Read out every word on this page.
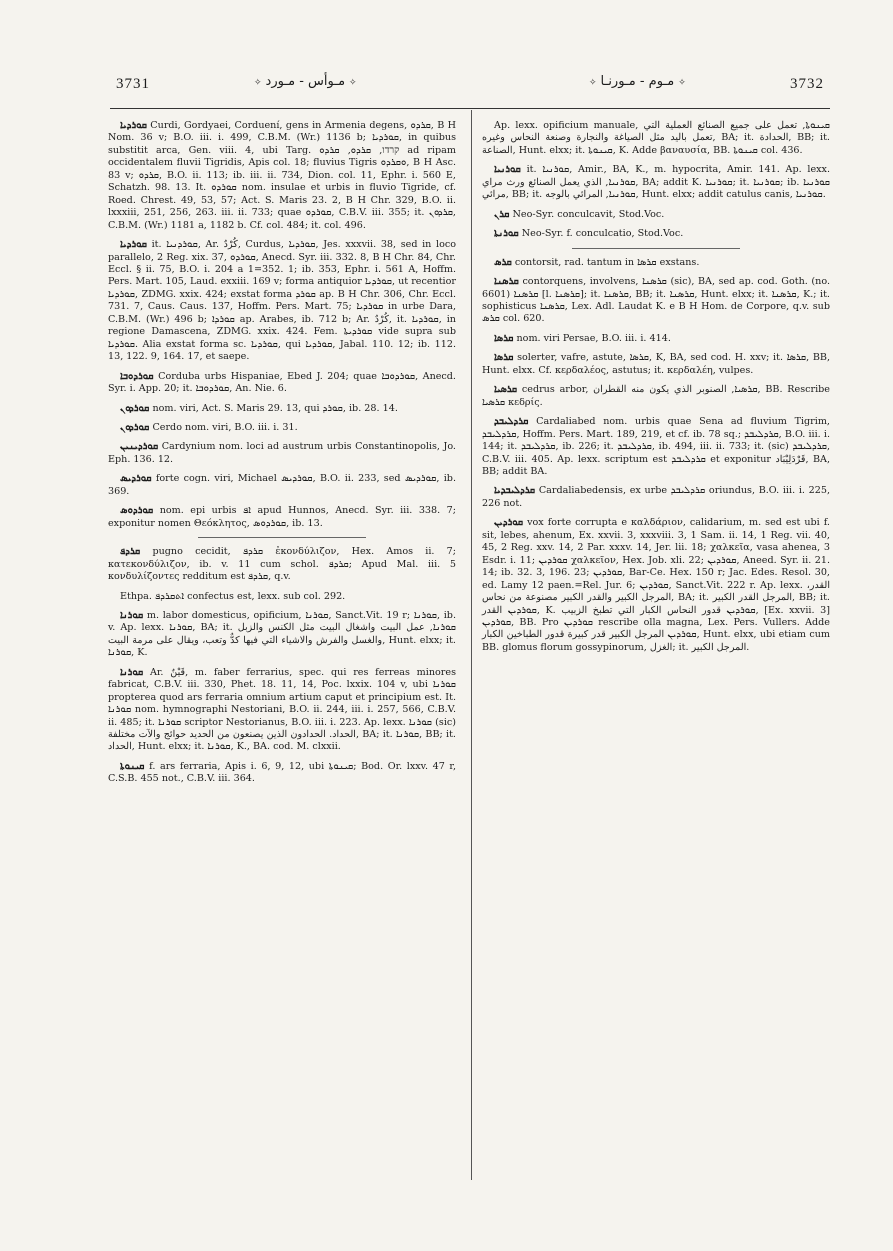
3731	✧مـوأس - مـورد✧	✧مـوم - مـورنـا✧	3732

ܩܘܪܕܝܐ Curdi, Gordyaei, Corduení, gens in Armenia degens, ܩܪܕܘ, B H Nom. 36 v; B.O. iii. i. 499, C.B.M. (Wr.) 1136 b; ܩܘܪܕܝܐ, in quibus substitit arca, Gen. viii. 4, ubi Targ. קרדו, ܩܪܕܘ, ܩܪܕܘ ad ripam occidentalem fluvii Tigridis, Apis col. 18; fluvius Tigris ܘܩܪܕܘ, B H Asc. 83 v; ܩܪܕܘ, B.O. ii. 113; ib. iii. ii. 734, Dion. col. 11, Ephr. i. 560 E, Schatzh. 98. 13. It. ܩܘܪܕܘ nom. insulae et urbis in fluvio Tigride, cf. Roed. Chrest. 49, 53, 57; Act. S. Maris 23. 2, B H Chr. 329, B.O. ii. lxxxiii, 251, 256, 263. iii. ii. 733; quae ܩܘܪܕܘ, C.B.V. iii. 355; it. ܩܪܕܘܢ, C.B.M. (Wr.) 1181 a, 1182 b. Cf. col. 484; it. col. 496.

ܩܘܪܕܝܐ it. ܩܘܪܕܢܝܐ, Ar. كُرْدٌ, Curdus, ܩܘܪܕܝܐ, Jes. xxxvii. 38, sed in loco parallelo, 2 Reg. xix. 37, ܩܘܪܕܘ, Anecd. Syr. iii. 332. 8, B H Chr. 84, Chr. Eccl. § ii. 75, B.O. i. 204 a 1=352. 1; ib. 353, Ephr. i. 561 A, Hoffm. Pers. Mart. 105, Laud. exxiii. 169 v; forma antiquior ܩܘܪܕܝܐ, ut recentior ܩܘܪܕܝܐ, ZDMG. xxix. 424; exstat forma ܩܘܪܕ ap. B H Chr. 306, Chr. Eccl. 731. 7, Caus. Caus. 137, Hoffm. Pers. Mart. 75; ܩܘܪܕܝܐ in urbe Dara, C.B.M. (Wr.) 496 b; ܩܘܪܕܐ ap. Arabes, ib. 712 b; Ar. كُرْدٌ, it. ܩܘܪܕܝܐ, in regione Damascena, ZDMG. xxix. 424. Fem. ܩܘܪܕܝܬܐ vide supra sub ܩܘܪܕܝܐ. Alia exstat forma sc. ܩܘܪܕܝܐ, qui ܩܘܪܕܝܐ, Jabal. 110. 12; ib. 112. 13, 122. 9, 164. 17, et saepe.

ܩܘܪܕܘܒܐ Corduba urbs Hispaniae, Ebed J. 204; quae ܩܘܪܕܘܒܐ, Anecd. Syr. i. App. 20; it. ܩܘܪܕܘܒܐ, An. Nie. 6.

ܩܘܪܕܘܢ nom. viri, Act. S. Maris 29. 13, qui ܩܘܪܕ, ib. 28. 14.

ܩܘܪܕܘܢ Cerdo nom. viri, B.O. iii. i. 31.

ܩܘܪܕܝܢܝܢ Cardynium nom. loci ad austrum urbis Constantinopolis, Jo. Eph. 136. 12.

ܩܘܪܕܝܣ forte cogn. viri, Michael ܩܘܪܕܝܣ, B.O. ii. 233, sed ܩܘܪܕܝܣ, ib. 369.

ܩܘܪܕܘܣ nom. epi urbis ܐܦ apud Hunnos, Anecd. Syr. iii. 338. 7; exponitur nomen Θεόκλητος, ܩܘܪܕܘܣ, ib. 13.

ܩܪܕܦ pugno cecidit, ܩܪܕܦ ἐκονδύλιζον, Hex. Amos ii. 7; κατεκονδύλιζον, ib. v. 11 cum schol. ܩܪܕܦ; Apud Mal. iii. 5 κονδυλίζοντες redditum est ܩܪܕܦ, q.v.

Ethpa. ܐܬܩܪܕܦ confectus est, lexx. sub col. 292.

ܩܘܪܢܐ m. labor domesticus, opificium, ܩܘܪܢܐ, Sanct.Vit. 19 r; ܩܘܪܢܐ, ib. v. Ap. lexx. ܩܘܪܢܐ, BA; it. ܩܘܪܢܐ, عمل البيت واشغال البيت مثل الكنس والزبل والغسل والفرش والاشياء التي فيها كدٌّ وتعب، ويقال على مرمة البيت, Hunt. elxx; it. ܩܘܪܢܐ, K.

ܩܘܪܢܐ Ar. قَيْنٌ, m. faber ferrarius, spec. qui res ferreas minores fabricat, C.B.V. iii. 330, Phet. 18. 11, 14, Poc. lxxix. 104 v, ubi ܩܘܪܢܐ propterea quod ars ferraria omnium artium caput et principium est. It. ܩܘܪܢܐ nom. hymnographi Nestoriani, B.O. ii. 244, iii. i. 257, 566, C.B.V. ii. 485; it. ܩܘܪܢܐ scriptor Nestorianus, B.O. iii. i. 223. Ap. lexx. ܩܘܪܢܐ (sic) الحداد. الحدادون الذين يصنعون من الحديد حوائج والآت مختلفة, BA; it. ܩܘܪܢܐ, BB; it. الحداد, Hunt. elxx; it. ܩܘܪܢܐ, K., BA. cod. M. clxxii.

ܩܝܢܘܬܐ f. ars ferraria, Apis i. 6, 9, 12, ubi ܩܝܢܘܬܐ; Bod. Or. lxxv. 47 r, C.S.B. 455 not., C.B.V. iii. 364.

Ap. lexx. opificium manuale, ܩܝܢܘܬܐ, تعمل على جميع الصنائع العملية التي تعمل باليد مثل الصياغة والنجارة وصنعة النحاس وغيره, BA; it. الحدادة, BB; it. الصناعة, Hunt. elxx; it. ܩܝܢܘܬܐ, K. Adde βαναυσία, BB. ܩܝܢܘܬܐ col. 436.

ܩܘܪܢܝܐ it. ܩܘܪܢܝܐ, Amir., BA, K., m. hypocrita, Amir. 141. Ap. lexx. ܩܘܪܢܝܐ, الذي يعمل الصنائع ورث مراي, BA; addit K. ܩܘܪܢܝܐ; it. ܩܘܪܢܝܐ; ib. ܩܘܪܢܝܐ مرائي, BB; it. ܩܘܪܢܝܐ, المرائي بالوجه, Hunt. elxx; addit catulus canis, ܩܘܪܢܝܐ.

ܩܪܢ Neo-Syr. conculcavit, Stod.Voc.

ܩܘܪܢܬܐ Neo-Syr. f. conculcatio, Stod.Voc.

ܩܪܣ contorsit, rad. tantum in ܩܪܣܐ exstans.

ܩܪܣܢܐ contorquens, involvens, ܩܪܣܢܐ (sic), BA, sed ap. cod. Goth. (no. 6601) ܩܪܣܢܐ [l. ܩܪܣܢܐ]; it. ܩܪܣܢܐ, BB; it. ܩܪܣܢܐ, Hunt. elxx; it. ܩܪܣܢܐ, K.; it. sophisticus ܩܪܣܢܐ, Lex. Adl. Laudat K. e B H Hom. de Corpore, q.v. sub ܩܪܣ col. 620.

ܩܪܣܐ nom. viri Persae, B.O. iii. i. 414.

ܩܪܣܐ solerter, vafre, astute, ܩܪܣܐ, K, BA, sed cod. H. xxv; it. ܩܪܣܐ, BB, Hunt. elxx. Cf. κερδαλέος, astutus; it. κερδαλέη, vulpes.

ܩܪܣܝܐ cedrus arbor, ܩܪܣܝܐ, الصنوبر الذي يكون منه القطران, BB. Rescribe ܩܪܣܝܐ κεδρίς.

ܩܪܕܠܝܒܕ Cardaliabed nom. urbis quae Sena ad fluvium Tigrim, ܩܪܕܠܝܒܕ, Hoffm. Pers. Mart. 189, 219, et cf. ib. 78 sq.; ܩܪܕܠܝܒܕ, B.O. iii. i. 144; it. ܩܪܕܠܝܒܕ, ib. 226; it. ܩܪܕܠܝܒܕ, ib. 494, iii. ii. 733; it. (sic) ܩܪܕܠܝܒܕ, C.B.V. iii. 405. Ap. lexx. scriptum est ܩܪܕܠܝܒܕ et exponitur قَرْدَلِيْبَاد, BA, BB; addit BA.

ܩܪܕܠܝܒܕܝܐ Cardaliabedensis, ex urbe ܩܪܕܠܝܒܕ oriundus, B.O. iii. i. 225, 226 not.

ܩܘܪܕܝܢ vox forte corrupta e καλδάριον, calidarium, m. sed est ubi f. sit, lebes, ahenum, Ex. xxvii. 3, xxxviii. 3, 1 Sam. ii. 14, 1 Reg. vii. 40, 45, 2 Reg. xxv. 14, 2 Par. xxxv. 14, Jer. lii. 18; χαλκεῖα, vasa ahenea, 3 Esdr. i. 11; ܩܘܪܕܝܢ χαλκεῖον, Hex. Job. xli. 22; ܩܘܪܕܝܢ, Aneed. Syr. ii. 21. 14; ib. 32. 3, 196. 23; ܩܘܪܕܝܢ, Bar-Ce. Hex. 150 r; Jac. Edes. Resol. 30, ed. Lamy 12 paen.=Rel. Jur. 6; ܩܘܪܕܝܢ, Sanct.Vit. 222 r. Ap. lexx. القدر، المرجل الكبير والقدر الكبير مصنوعة من نحاس, BA; it. المرجل القدر الكبير, BB; it. ܩܘܪܕܝܢ القدر, K. ܩܘܪܕܝܢ قدور النحاس الكبار التي تطبخ الزبيب, [Ex. xxvii. 3] ܩܘܪܕܝܢ, BB. Pro ܩܘܪܕܝܢ rescribe olla magna, Lex. Pers. Vullers. Adde ܩܘܪܕܝܢ المرجل الكبير قدر كبيرة قدور الطباخين الكبار, Hunt. elxx, ubi etiam cum BB. glomus florum gossypinorum, الغزل; it. المرجل الكبير.
